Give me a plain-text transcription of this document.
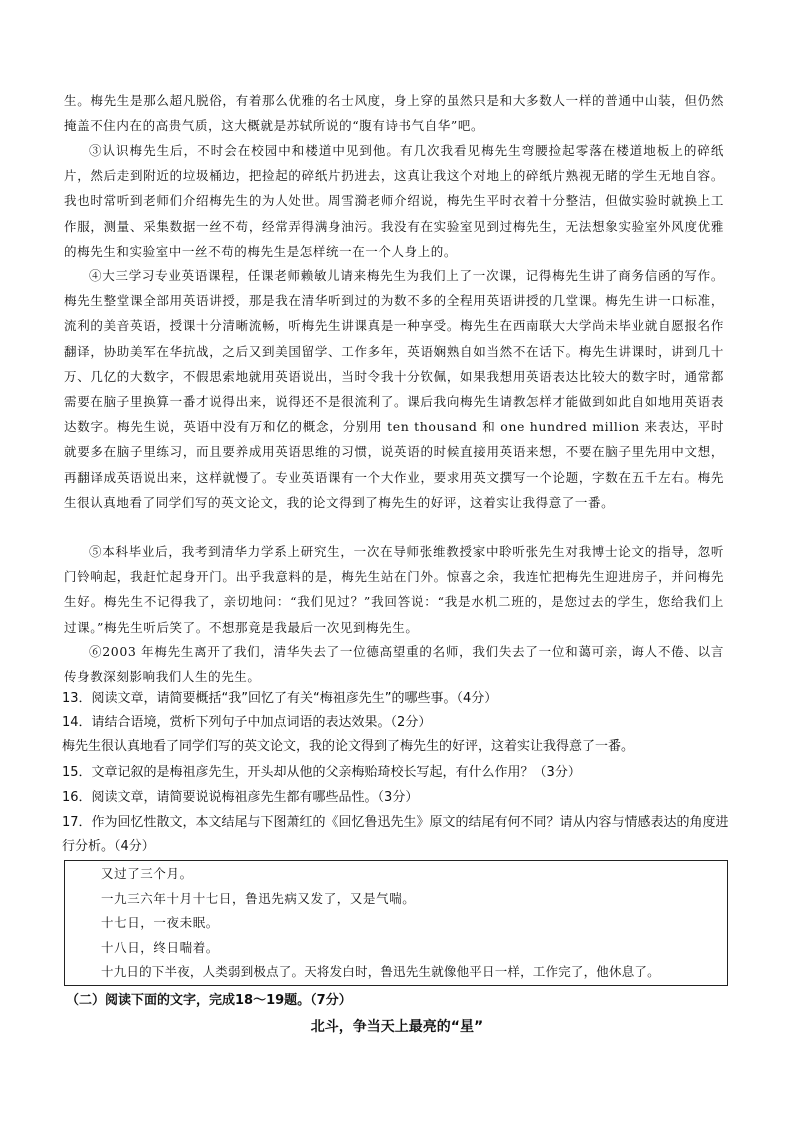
生。梅先生是那么超凡脱俗，有着那么优雅的名士风度，身上穿的虽然只是和大多数人一样的普通中山装，但仍然掩盖不住内在的高贵气质，这大概就是苏轼所说的“腹有诗书气自华”吧。

③认识梅先生后，不时会在校园中和楼道中见到他。有几次我看见梅先生弯腰捡起零落在楼道地板上的碎纸片，然后走到附近的垃圾桶边，把捡起的碎纸片扔进去，这真让我这个对地上的碎纸片熟视无睹的学生无地自容。我也时常听到老师们介绍梅先生的为人处世。周雪漪老师介绍说，梅先生平时衣着十分整洁，但做实验时就换上工作服，测量、采集数据一丝不苟，经常弄得满身油污。我没有在实验室见到过梅先生，无法想象实验室外风度优雅的梅先生和实验室中一丝不苟的梅先生是怎样统一在一个人身上的。

④大三学习专业英语课程，任课老师赖敏儿请来梅先生为我们上了一次课，记得梅先生讲了商务信函的写作。梅先生整堂课全部用英语讲授，那是我在清华听到过的为数不多的全程用英语讲授的几堂课。梅先生讲一口标准，流利的美音英语，授课十分清晰流畅，听梅先生讲课真是一种享受。梅先生在西南联大大学尚未毕业就自愿报名作翻译，协助美军在华抗战，之后又到美国留学、工作多年，英语娴熟自如当然不在话下。梅先生讲课时，讲到几十万、几亿的大数字，不假思索地就用英语说出，当时令我十分钦佩，如果我想用英语表达比较大的数字时，通常都需要在脑子里换算一番才说得出来，说得还不是很流利了。课后我向梅先生请教怎样才能做到如此自如地用英语表达数字。梅先生说，英语中没有万和亿的概念，分别用 ten thousand 和 one hundred million 来表达，平时就要多在脑子里练习，而且要养成用英语思维的习惯，说英语的时候直接用英语来想，不要在脑子里先用中文想，再翻译成英语说出来，这样就慢了。专业英语课有一个大作业，要求用英文撰写一个论题，字数在五千左右。梅先生很认真地看了同学们写的英文论文，我的论文得到了梅先生的好评，这着实让我得意了一番。

⑤本科毕业后，我考到清华力学系上研究生，一次在导师张维教授家中聆听张先生对我博士论文的指导，忽听门铃响起，我赶忙起身开门。出乎我意料的是，梅先生站在门外。惊喜之余，我连忙把梅先生迎进房子，并问梅先生好。梅先生不记得我了，亲切地问：“我们见过？”我回答说：“我是水机二班的，是您过去的学生，您给我们上过课。”梅先生听后笑了。不想那竟是我最后一次见到梅先生。

⑥2003 年梅先生离开了我们，清华失去了一位德高望重的名师，我们失去了一位和蔼可亲，诲人不倦、以言传身教深刻影响我们人生的先生。

13．阅读文章，请简要概括“我”回忆了有关“梅祖彦先生”的哪些事。（4分）

14．请结合语境，赏析下列句子中加点词语的表达效果。（2分）

梅先生很认真地看了同学们写的英文论文，我的论文得到了梅先生的好评，这着实让我得意了一番。

15．文章记叙的是梅祖彦先生，开头却从他的父亲梅贻琦校长写起，有什么作用？（3分）

16．阅读文章，请简要说说梅祖彦先生都有哪些品性。（3分）

17．作为回忆性散文，本文结尾与下图萧红的《回忆鲁迅先生》原文的结尾有何不同？请从内容与情感表达的角度进行分析。（4分）

又过了三个月。

一九三六年十月十七日，鲁迅先病又发了，又是气喘。

十七日，一夜未眠。

十八日，终日喘着。

十九日的下半夜，人类弱到极点了。天将发白时，鲁迅先生就像他平日一样，工作完了，他休息了。

（二）阅读下面的文字，完成18～19题。（7分）

北斗，争当天上最亮的“星”
